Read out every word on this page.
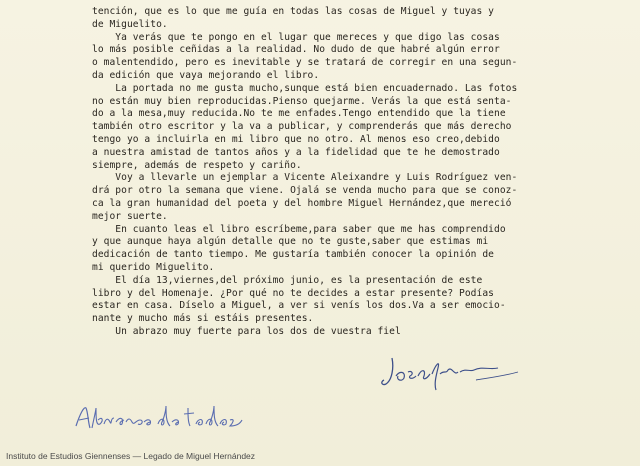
tención, que es lo que me guía en todas las cosas de Miguel y tuyas y
de Miguelito.
Ya verás que te pongo en el lugar que mereces y que digo las cosas
lo más posible ceñidas a la realidad. No dudo de que habré algún error
o malentendido, pero es inevitable y se tratará de corregir en una segun-
da edición que vaya mejorando el libro.
La portada no me gusta mucho,sunque está bien encuadernado. Las fotos
no están muy bien reproducidas.Pienso quejarme. Verás la que está senta-
do a la mesa,muy reducida.No te me enfades.Tengo entendido que la tiene
también otro escritor y la va a publicar, y comprenderás que más derecho
tengo yo a incluirla en mi libro que no otro. Al menos eso creo,debido
a nuestra amistad de tantos años y a la fidelidad que te he demostrado
siempre, además de respeto y cariño.
Voy a llevarle un ejemplar a Vicente Aleixandre y Luis Rodríguez ven-
drá por otro la semana que viene. Ojalá se venda mucho para que se conoz-
ca la gran humanidad del poeta y del hombre Miguel Hernández,que mereció
mejor suerte.
En cuanto leas el libro escríbeme,para saber que me has comprendido
y que aunque haya algún detalle que no te guste,saber que estimas mi
dedicación de tanto tiempo. Me gustaría también conocer la opinión de
mi querido Miguelito.
El día 13,viernes,del próximo junio, es la presentación de este
libro y del Homenaje. ¿Por qué no te decides a estar presente? Podías
estar en casa. Díselo a Miguel, a ver si venís los dos.Va a ser emocio-
nante y mucho más si estáis presentes.
Un abrazo muy fuerte para los dos de vuestra fiel
Instituto de Estudios Giennenses — Legado de Miguel Hernández
